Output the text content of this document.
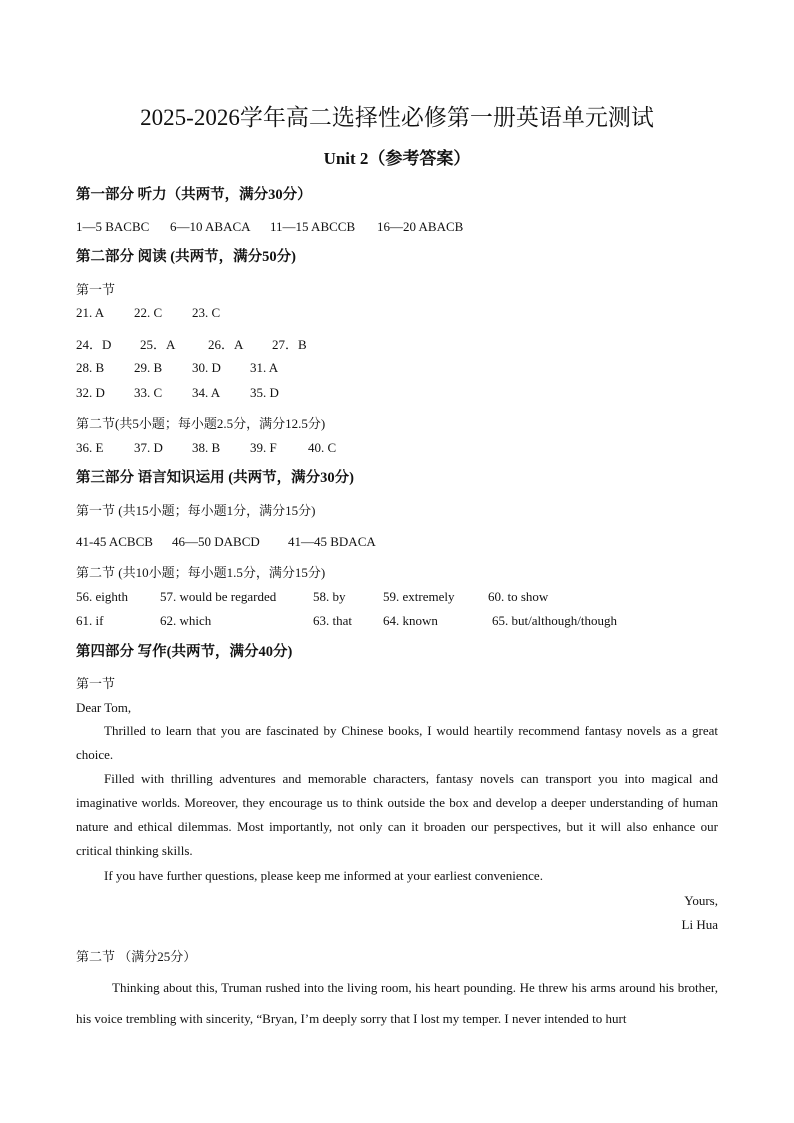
2025-2026学年高二选择性必修第一册英语单元测试
Unit 2（参考答案）
第一部分 听力（共两节，满分30分）
1—5 BACBC 6—10 ABACA 11—15 ABCCB 16—20 ABACB
第二部分 阅读 (共两节，满分50分)
第一节
21. A 22. C 23. C
24．D 25．A	26．A 27．B
28. B 29. B 30. D 31. A
32. D 33. C 34. A 35. D
第二节(共5小题；每小题2.5分，满分12.5分)
36. E 37. D 38. B 39. F 40. C
第三部分 语言知识运用 (共两节，满分30分)
第一节 (共15小题；每小题1分，满分15分)
41-45 ACBCB 46—50 DABCD 41—45 BDACA
第二节 (共10小题；每小题1.5分，满分15分)
56. eighth 57. would be regarded	58. by	59. extremely	60. to show
61. if	62. which	63. that 64. known	65. but/although/though
第四部分 写作(共两节，满分40分)
第一节
Dear Tom,
Thrilled to learn that you are fascinated by Chinese books, I would heartily recommend fantasy novels as a great choice.
Filled with thrilling adventures and memorable characters, fantasy novels can transport you into magical and imaginative worlds. Moreover, they encourage us to think outside the box and develop a deeper understanding of human nature and ethical dilemmas. Most importantly, not only can it broaden our perspectives, but it will also enhance our critical thinking skills.
If you have further questions, please keep me informed at your earliest convenience.
Yours,
Li Hua
第二节 （满分25分）
Thinking about this, Truman rushed into the living room, his heart pounding. He threw his arms around his brother, his voice trembling with sincerity, “Bryan, I’m deeply sorry that I lost my temper. I never intended to hurt
